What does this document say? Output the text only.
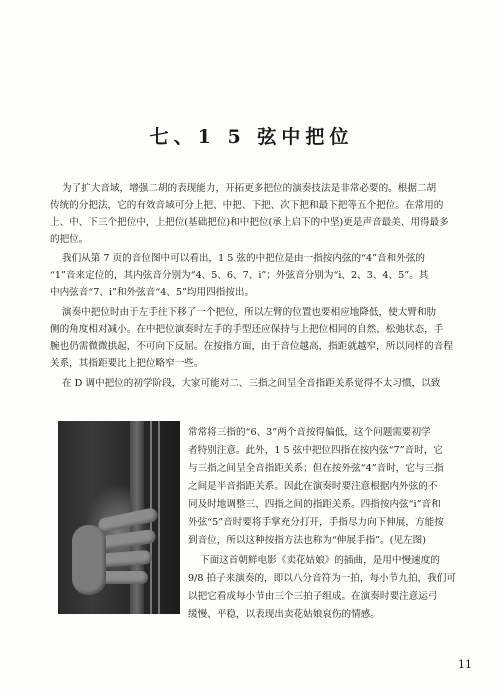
七、1 5 弦中把位

为了扩大音域，增强二胡的表现能力，开拓更多把位的演奏技法是非常必要的。根据二胡

传统的分把法，它的有效音域可分上把、中把、下把、次下把和最下把等五个把位。在常用的

上、中、下三个把位中，上把位(基础把位)和中把位(承上启下的中坚)更是声音最美、用得最多

的把位。

我们从第 7 页的音位图中可以看出，1 5 弦的中把位是由一指按内弦的“4”音和外弦的

“1”音来定位的，其内弦音分别为“4、5、6、7、i”；外弦音分别为“i、2、3、4、5”。其

中内弦音“7、i”和外弦音“4、5”均用四指按出。

演奏中把位时由于左手往下移了一个把位，所以左臂的位置也要相应地降低，使大臂和肋

侧的角度相对减小。在中把位演奏时左手的手型还应保持与上把位相同的自然、松弛状态，手

腕也仍需微微拱起，不可向下反屈。在按指方面，由于音位越高，指距就越窄，所以同样的音程

关系，其指距要比上把位略窄一些。

在 D 调中把位的初学阶段，大家可能对二、三指之间呈全音指距关系觉得不太习惯，以致

常常将三指的“6、3”两个音按得偏低，这个问题需要初学

者特别注意。此外，1 5 弦中把位四指在按内弦“7”音时，它

与三指之间呈全音指距关系；但在按外弦“4”音时，它与三指

之间是半音指距关系。因此在演奏时要注意根据内外弦的不

同及时地调整三、四指之间的指距关系。四指按内弦“i”音和

外弦“5”音时要将手掌充分打开，手指尽力向下伸展，方能按

到音位，所以这种按指方法也称为“伸展手指”。(见左图)

下面这首朝鲜电影《卖花姑娘》的插曲，是用中慢速度的

9/8 拍子来演奏的，即以八分音符为一拍，每小节九拍，我们可

以把它看成每小节由三个三拍子组成。在演奏时要注意运弓

缓慢、平稳，以表现出卖花姑娘哀伤的情感。

11
